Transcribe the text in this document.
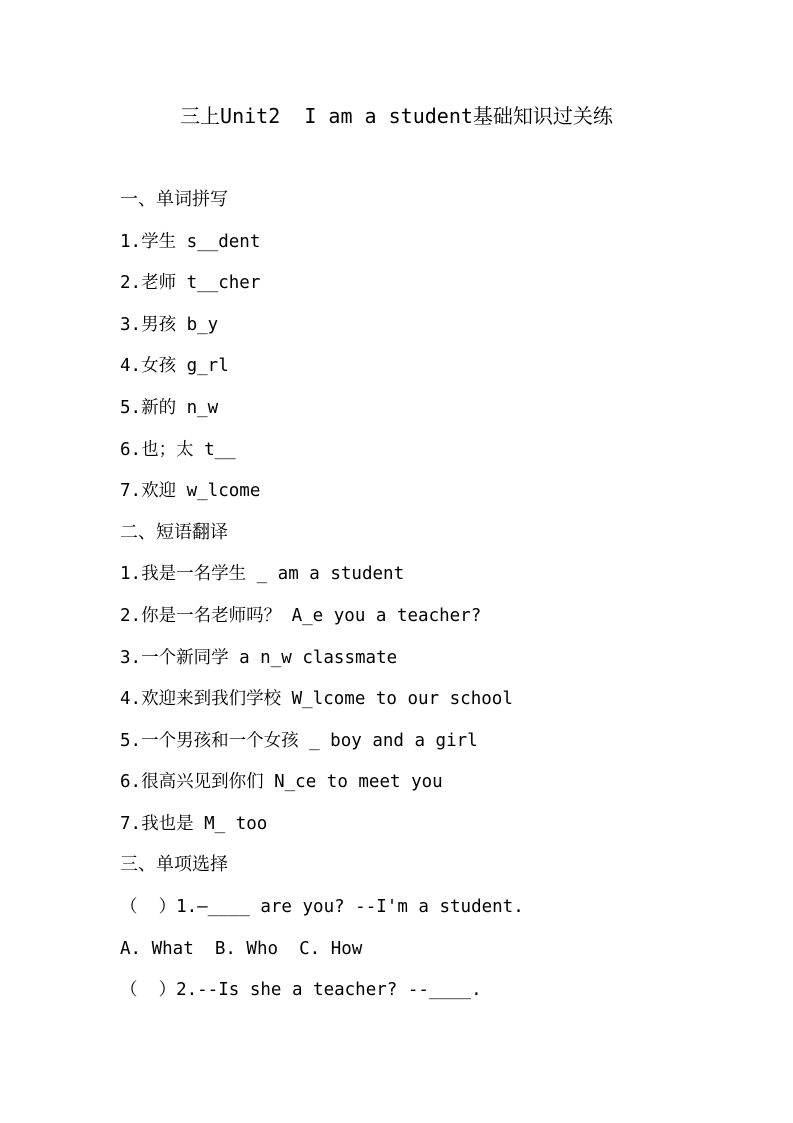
三上Unit2  I am a student基础知识过关练
一、单词拼写
1.学生 s__dent
2.老师 t__cher
3.男孩 b_y
4.女孩 g_rl
5.新的 n_w
6.也；太 t__
7.欢迎 w_lcome
二、短语翻译
1.我是一名学生 _ am a student
2.你是一名老师吗？ A_e you a teacher?
3.一个新同学 a n_w classmate
4.欢迎来到我们学校 W_lcome to our school
5.一个男孩和一个女孩 _ boy and a girl
6.很高兴见到你们 N_ce to meet you
7.我也是 M_ too
三、单项选择
（  ）1.—____ are you? --I'm a student.
A. What  B. Who  C. How
（  ）2.--Is she a teacher? --____.
